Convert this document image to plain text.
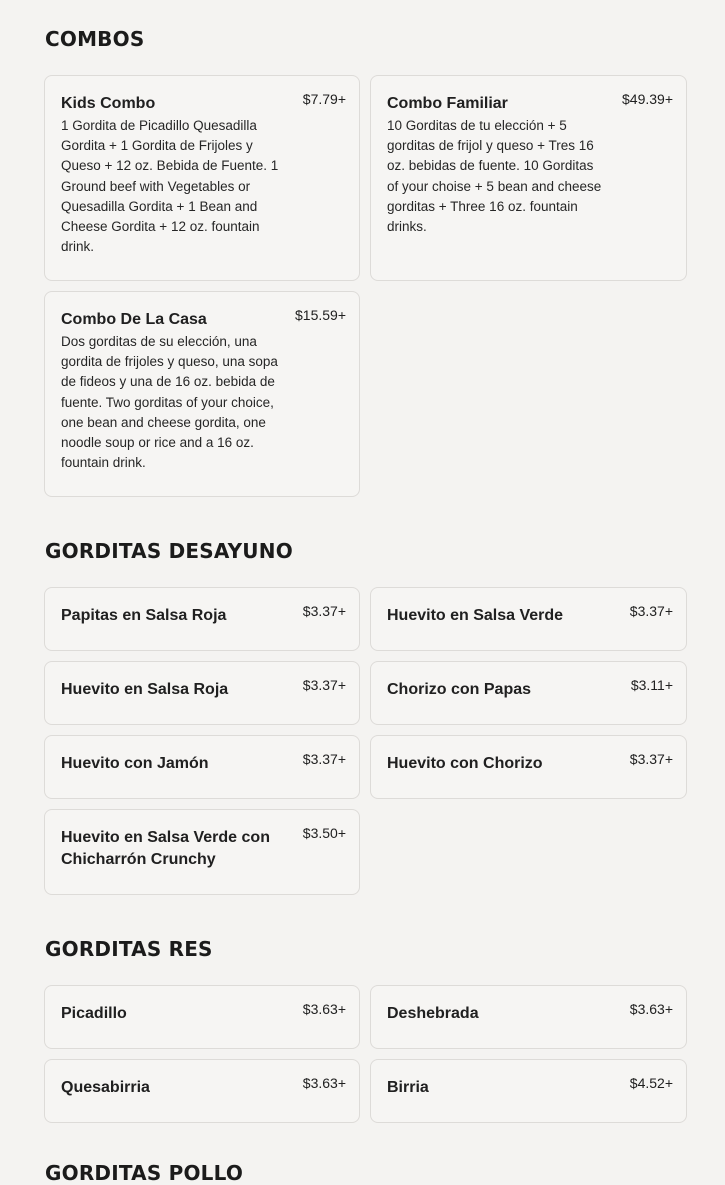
COMBOS
Kids Combo	$7.79+

1 Gordita de Picadillo Quesadilla Gordita + 1 Gordita de Frijoles y Queso + 12 oz. Bebida de Fuente. 1 Ground beef with Vegetables or Quesadilla Gordita + 1 Bean and Cheese Gordita + 12 oz. fountain drink.

Combo Familiar	$49.39+

10 Gorditas de tu elección + 5 gorditas de frijol y queso + Tres 16 oz. bebidas de fuente. 10 Gorditas of your choise + 5 bean and cheese gorditas + Three 16 oz. fountain drinks.

Combo De La Casa	$15.59+

Dos gorditas de su elección, una gordita de frijoles y queso, una sopa de fideos y una de 16 oz. bebida de fuente. Two gorditas of your choice, one bean and cheese gordita, one noodle soup or rice and a 16 oz. fountain drink.

GORDITAS DESAYUNO
Papitas en Salsa Roja	$3.37+	Huevito en Salsa Verde	$3.37+
Huevito en Salsa Roja	$3.37+	Chorizo con Papas	$3.11+
Huevito con Jamón	$3.37+	Huevito con Chorizo	$3.37+
Huevito en Salsa Verde con Chicharrón Crunchy
$3.50+
GORDITAS RES
Picadillo	$3.63+	Deshebrada	$3.63+
Quesabirria	$3.63+	Birria	$4.52+
GORDITAS POLLO
